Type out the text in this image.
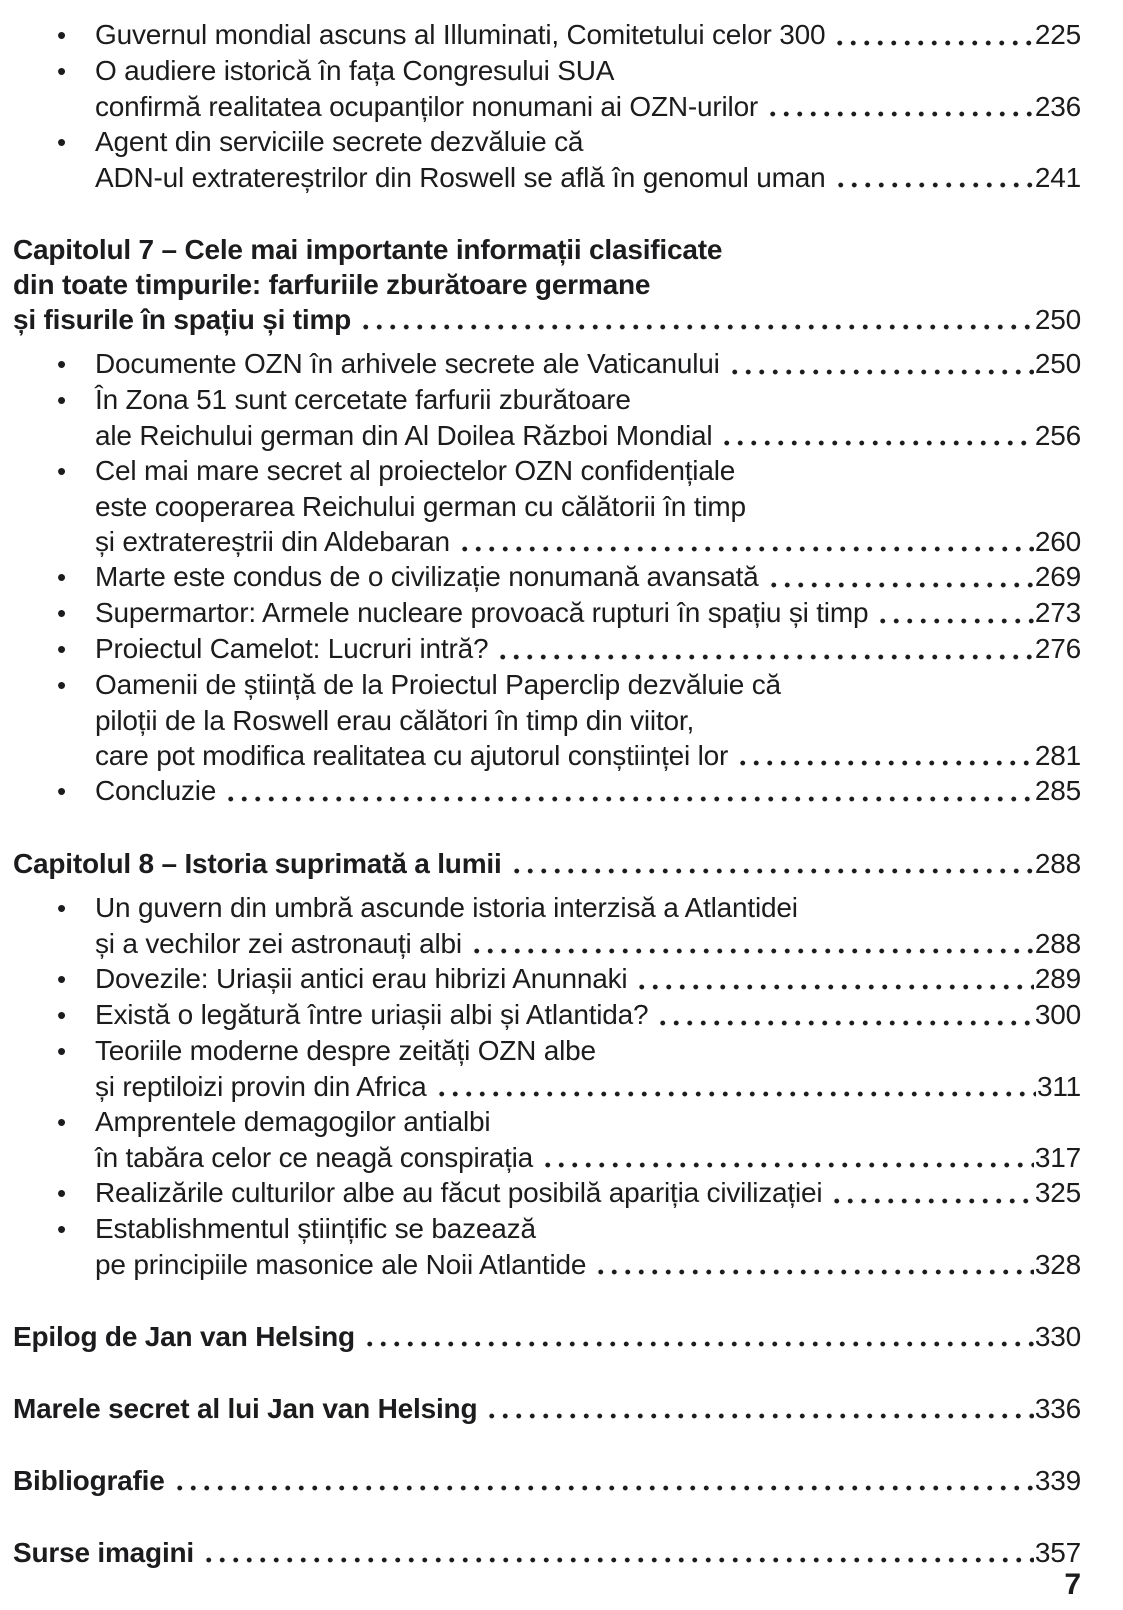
•	Guvernul mondial ascuns al Illuminati, Comitetului celor 300	225
•	O audiere istorică în fața Congresului SUA
confirmă realitatea ocupanților nonumani ai OZN-urilor	236
•	Agent din serviciile secrete dezvăluie că
ADN-ul extratereștrilor din Roswell se află în genomul uman	241
Capitolul 7 – Cele mai importante informații clasificate
din toate timpurile: farfuriile zburătoare germane
și fisurile în spațiu și timp	250
•	Documente OZN în arhivele secrete ale Vaticanului	250
•	În Zona 51 sunt cercetate farfurii zburătoare
ale Reichului german din Al Doilea Război Mondial	256
•	Cel mai mare secret al proiectelor OZN confidențiale
este cooperarea Reichului german cu călătorii în timp
și extratereștrii din Aldebaran	260
•	Marte este condus de o civilizație nonumană avansată	269
•	Supermartor: Armele nucleare provoacă rupturi în spațiu și timp	273
•	Proiectul Camelot: Lucruri intră?	276
•	Oamenii de știință de la Proiectul Paperclip dezvăluie că
piloții de la Roswell erau călători în timp din viitor,
care pot modifica realitatea cu ajutorul conștiinței lor	281
•	Concluzie	285
Capitolul 8 – Istoria suprimată a lumii	288
•	Un guvern din umbră ascunde istoria interzisă a Atlantidei
și a vechilor zei astronauți albi	288
•	Dovezile: Uriașii antici erau hibrizi Anunnaki	289
•	Există o legătură între uriașii albi și Atlantida?	300
•	Teoriile moderne despre zeități OZN albe
și reptiloizi provin din Africa	311
•	Amprentele demagogilor antialbi
în tabăra celor ce neagă conspirația	317
•	Realizările culturilor albe au făcut posibilă apariția civilizației	325
•	Establishmentul științific se bazează
pe principiile masonice ale Noii Atlantide	328
Epilog de Jan van Helsing	330
Marele secret al lui Jan van Helsing	336
Bibliografie	339
Surse imagini	357
7
